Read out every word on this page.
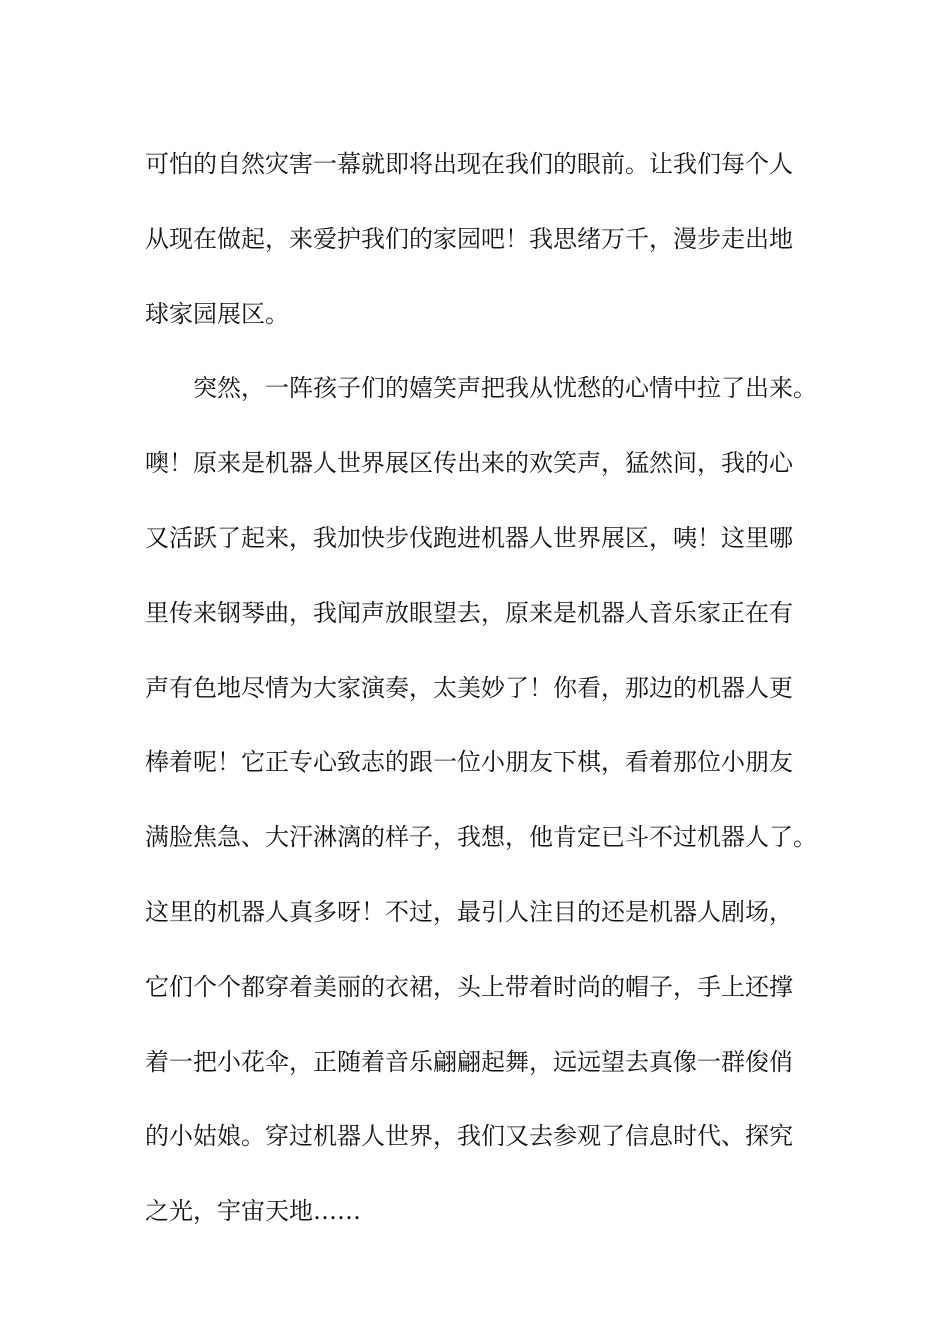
可怕的自然灾害一幕就即将出现在我们的眼前。让我们每个人
从现在做起，来爱护我们的家园吧！我思绪万千，漫步走出地
球家园展区。
　　突然，一阵孩子们的嬉笑声把我从忧愁的心情中拉了出来。
噢！原来是机器人世界展区传出来的欢笑声，猛然间，我的心
又活跃了起来，我加快步伐跑进机器人世界展区，咦！这里哪
里传来钢琴曲，我闻声放眼望去，原来是机器人音乐家正在有
声有色地尽情为大家演奏，太美妙了！你看，那边的机器人更
棒着呢！它正专心致志的跟一位小朋友下棋，看着那位小朋友
满脸焦急、大汗淋漓的样子，我想，他肯定已斗不过机器人了。
这里的机器人真多呀！不过，最引人注目的还是机器人剧场，
它们个个都穿着美丽的衣裙，头上带着时尚的帽子，手上还撑
着一把小花伞，正随着音乐翩翩起舞，远远望去真像一群俊俏
的小姑娘。穿过机器人世界，我们又去参观了信息时代、探究
之光，宇宙天地……
